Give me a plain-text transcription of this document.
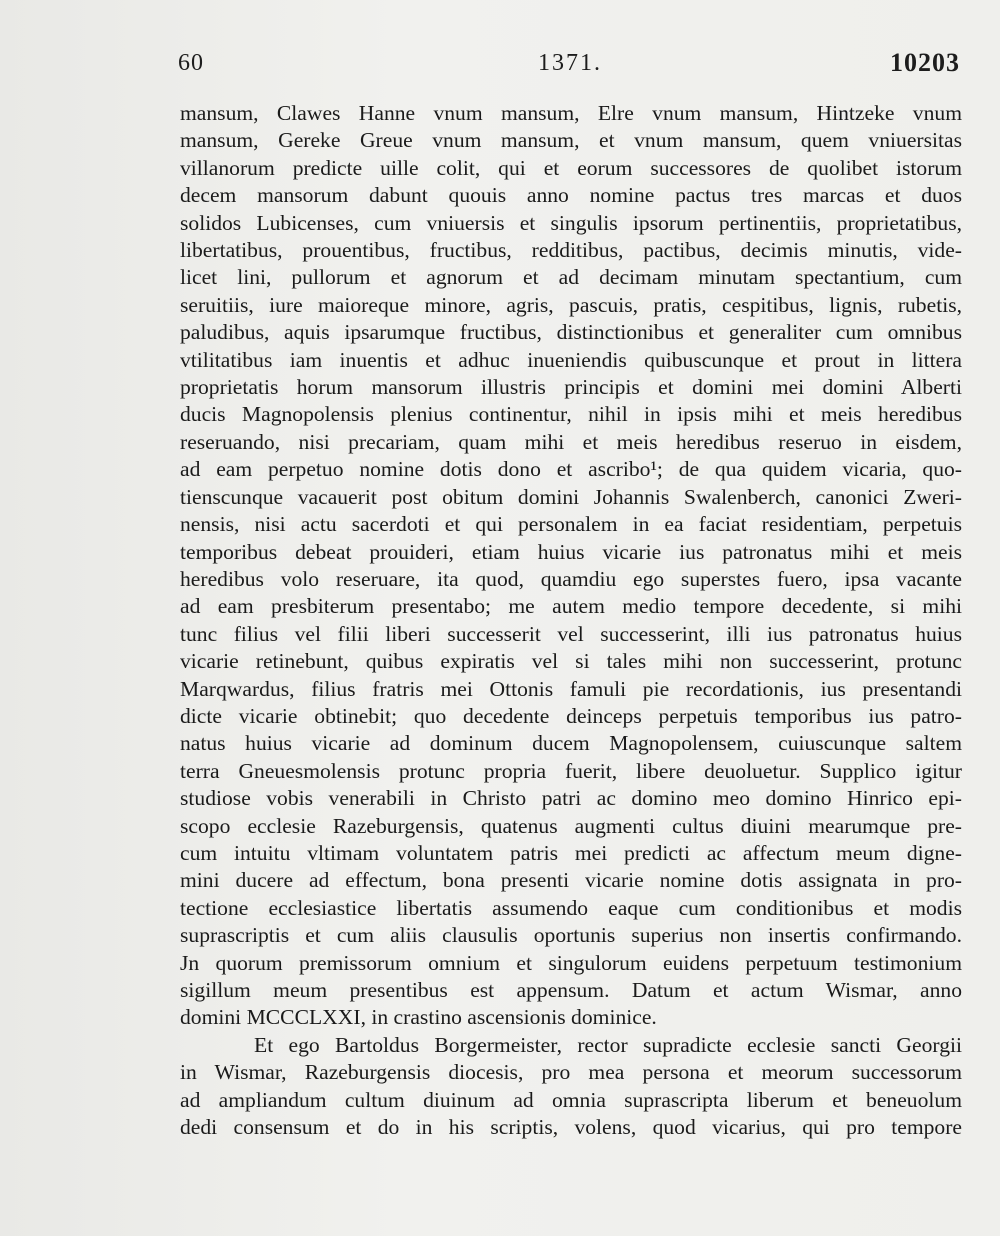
60	1371.	10203
mansum, Clawes Hanne vnum mansum, Elre vnum mansum, Hintzeke vnum
mansum, Gereke Greue vnum mansum, et vnum mansum, quem vniuersitas
villanorum predicte uille colit, qui et eorum successores de quolibet istorum
decem mansorum dabunt quouis anno nomine pactus tres marcas et duos
solidos Lubicenses, cum vniuersis et singulis ipsorum pertinentiis, proprietatibus,
libertatibus, prouentibus, fructibus, redditibus, pactibus, decimis minutis, vide-
licet lini, pullorum et agnorum et ad decimam minutam spectantium, cum
seruitiis, iure maioreque minore, agris, pascuis, pratis, cespitibus, lignis, rubetis,
paludibus, aquis ipsarumque fructibus, distinctionibus et generaliter cum omnibus
vtilitatibus iam inuentis et adhuc inueniendis quibuscunque et prout in littera
proprietatis horum mansorum illustris principis et domini mei domini Alberti
ducis Magnopolensis plenius continentur, nihil in ipsis mihi et meis heredibus
reseruando, nisi precariam, quam mihi et meis heredibus reseruo in eisdem,
ad eam perpetuo nomine dotis dono et ascribo¹; de qua quidem vicaria, quo-
tienscunque vacauerit post obitum domini Johannis Swalenberch, canonici Zweri-
nensis, nisi actu sacerdoti et qui personalem in ea faciat residentiam, perpetuis
temporibus debeat prouideri, etiam huius vicarie ius patronatus mihi et meis
heredibus volo reseruare, ita quod, quamdiu ego superstes fuero, ipsa vacante
ad eam presbiterum presentabo; me autem medio tempore decedente, si mihi
tunc filius vel filii liberi successerit vel successerint, illi ius patronatus huius
vicarie retinebunt, quibus expiratis vel si tales mihi non successerint, protunc
Marqwardus, filius fratris mei Ottonis famuli pie recordationis, ius presentandi
dicte vicarie obtinebit; quo decedente deinceps perpetuis temporibus ius patro-
natus huius vicarie ad dominum ducem Magnopolensem, cuiuscunque saltem
terra Gneuesmolensis protunc propria fuerit, libere deuoluetur. Supplico igitur
studiose vobis venerabili in Christo patri ac domino meo domino Hinrico epi-
scopo ecclesie Razeburgensis, quatenus augmenti cultus diuini mearumque pre-
cum intuitu vltimam voluntatem patris mei predicti ac affectum meum digne-
mini ducere ad effectum, bona presenti vicarie nomine dotis assignata in pro-
tectione ecclesiastice libertatis assumendo eaque cum conditionibus et modis
suprascriptis et cum aliis clausulis oportunis superius non insertis confirmando.
Jn quorum premissorum omnium et singulorum euidens perpetuum testimonium
sigillum meum presentibus est appensum. Datum et actum Wismar, anno
domini MCCCLXXI, in crastino ascensionis dominice.
Et ego Bartoldus Borgermeister, rector supradicte ecclesie sancti Georgii
in Wismar, Razeburgensis diocesis, pro mea persona et meorum successorum
ad ampliandum cultum diuinum ad omnia suprascripta liberum et beneuolum
dedi consensum et do in his scriptis, volens, quod vicarius, qui pro tempore
